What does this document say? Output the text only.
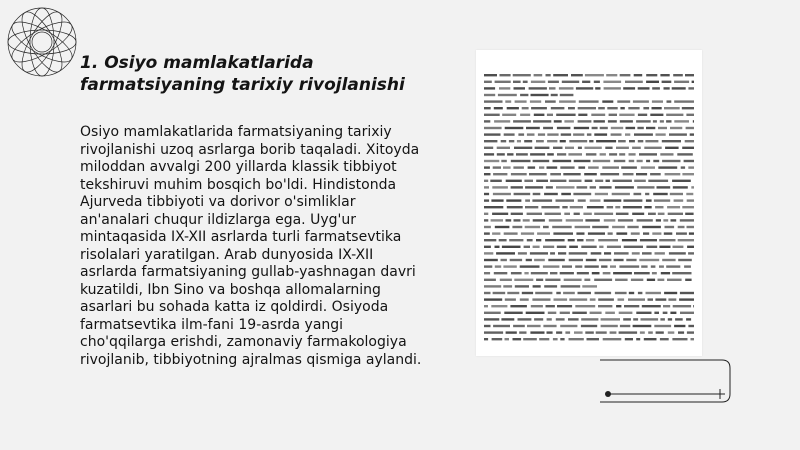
1. Osiyo mamlakatlarida farmatsiyaning tarixiy rivojlanishi

Osiyo mamlakatlarida farmatsiyaning tarixiy rivojlanishi uzoq asrlarga borib taqaladi. Xitoyda miloddan avvalgi 200 yillarda klassik tibbiyot tekshiruvi muhim bosqich bo'ldi. Hindistonda Ajurveda tibbiyoti va dorivor o'simliklar an'analari chuqur ildizlarga ega. Uyg'ur mintaqasida IX-XII asrlarda turli farmatsevtika risolalari yaratilgan. Arab dunyosida IX-XII asrlarda farmatsiyaning gullab-yashnagan davri kuzatildi, Ibn Sino va boshqa allomalarning asarlari bu sohada katta iz qoldirdi. Osiyoda farmatsevtika ilm-fani 19-asrda yangi cho'qqilarga erishdi, zamonaviy farmakologiya rivojlanib, tibbiyotning ajralmas qismiga aylandi.
